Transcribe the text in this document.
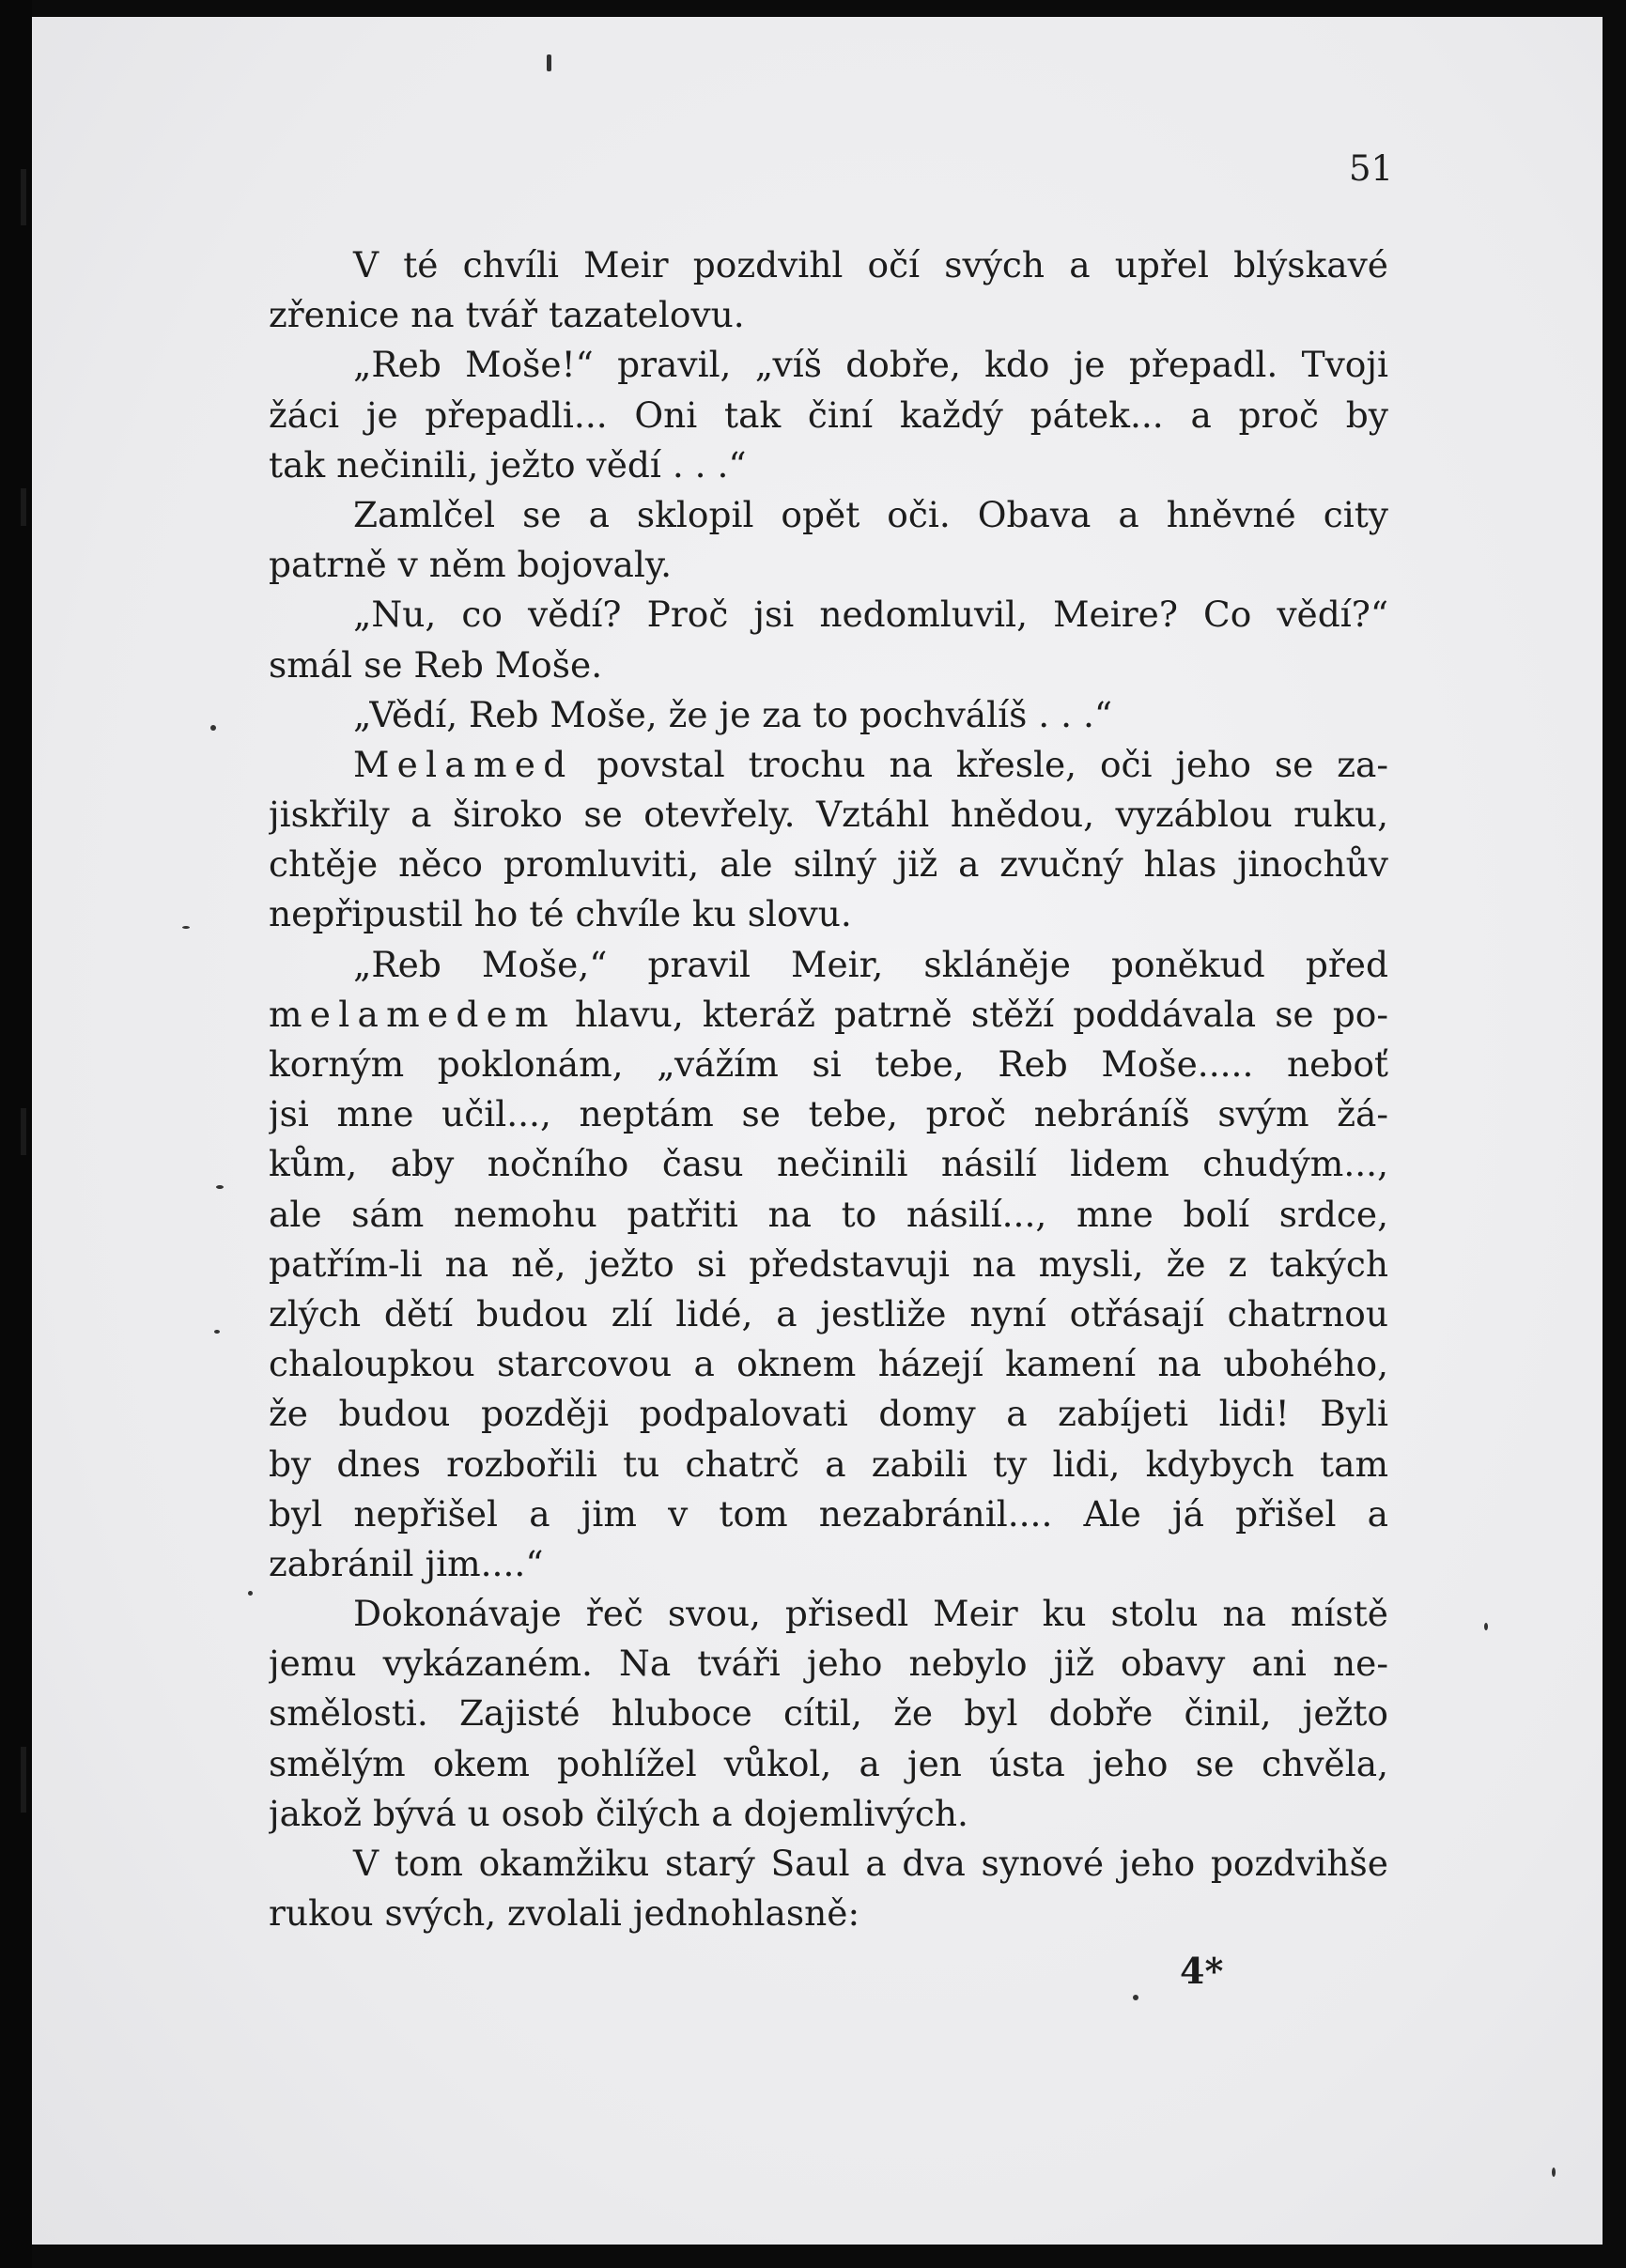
51
V té chvíli Meir pozdvihl očí svých a upřel blýskavé
zřenice na tvář tazatelovu.
„Reb Moše!“ pravil, „víš dobře, kdo je přepadl. Tvoji
žáci je přepadli... Oni tak činí každý pátek... a proč by
tak nečinili, ježto vědí . . .“
Zamlčel se a sklopil opět oči. Obava a hněvné city
patrně v něm bojovaly.
„Nu, co vědí? Proč jsi nedomluvil, Meire? Co vědí?“
smál se Reb Moše.
„Vědí, Reb Moše, že je za to pochválíš . . .“
Melamed povstal trochu na křesle, oči jeho se za-
jiskřily a široko se otevřely. Vztáhl hnědou, vyzáblou ruku,
chtěje něco promluviti, ale silný již a zvučný hlas jinochův
nepřipustil ho té chvíle ku slovu.
„Reb Moše,“ pravil Meir, skláněje poněkud před
melamedem hlavu, kteráž patrně stěží poddávala se po-
korným poklonám, „vážím si tebe, Reb Moše..... neboť
jsi mne učil..., neptám se tebe, proč nebráníš svým žá-
kům, aby nočního času nečinili násilí lidem chudým...,
ale sám nemohu patřiti na to násilí..., mne bolí srdce,
patřím-li na ně, ježto si představuji na mysli, že z takých
zlých dětí budou zlí lidé, a jestliže nyní otřásají chatrnou
chaloupkou starcovou a oknem házejí kamení na ubohého,
že budou později podpalovati domy a zabíjeti lidi! Byli
by dnes rozbořili tu chatrč a zabili ty lidi, kdybych tam
byl nepřišel a jim v tom nezabránil.... Ale já přišel a
zabránil jim....“
Dokonávaje řeč svou, přisedl Meir ku stolu na místě
jemu vykázaném. Na tváři jeho nebylo již obavy ani ne-
smělosti. Zajisté hluboce cítil, že byl dobře činil, ježto
smělým okem pohlížel vůkol, a jen ústa jeho se chvěla,
jakož bývá u osob čilých a dojemlivých.
V tom okamžiku starý Saul a dva synové jeho pozdvihše
rukou svých, zvolali jednohlasně:
4*
